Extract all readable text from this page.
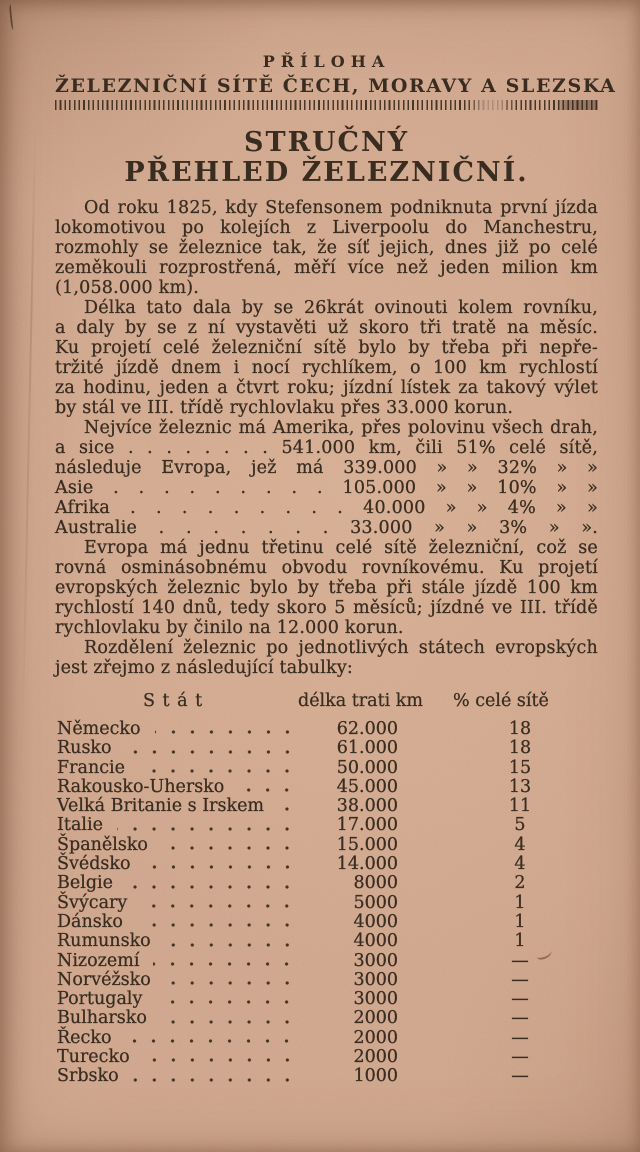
PŘÍLOHA
ŽELEZNIČNÍ SÍTĚ ČECH, MORAVY A SLEZSKA
STRUČNÝ
PŘEHLED ŽELEZNIČNÍ.
Od roku 1825, kdy Stefensonem podniknuta první jízda
lokomotivou po kolejích z Liverpoolu do Manchestru,
rozmohly se železnice tak, že síť jejich, dnes již po celé
zeměkouli rozprostřená, měří více než jeden milion km
(1,058.000 km).
Délka tato dala by se 26krát ovinouti kolem rovníku,
a daly by se z ní vystavěti už skoro tři tratě na měsíc.
Ku projetí celé železniční sítě bylo by třeba při nepře-
tržité jízdě dnem i nocí rychlíkem, o 100 km rychlostí
za hodinu, jeden a čtvrt roku; jízdní lístek za takový výlet
by stál ve III. třídě rychlovlaku přes 33.000 korun.
Nejvíce železnic má Amerika, přes polovinu všech drah,
a sice . . . . . . . . 541.000 km, čili 51% celé sítě,
následuje Evropa, jež má 339.000 » » 32% » »
Asie . . . . . . . . . 105.000 » » 10% » »
Afrika . . . . . . . . . 40.000 » » 4% » »
Australie . . . . . . . 33.000 » » 3% » ».
Evropa má jednu třetinu celé sítě železniční, což se
rovná osminásobnému obvodu rovníkovému. Ku projetí
evropských železnic bylo by třeba při stále jízdě 100 km
rychlostí 140 dnů, tedy skoro 5 měsíců; jízdné ve III. třídě
rychlovlaku by činilo na 12.000 korun.
Rozdělení železnic po jednotlivých státech evropských
jest zřejmo z následující tabulky:
S t á t	délka trati km % celé sítě
Německo	62.000	18
Rusko	61.000	18
Francie	50.000	15
Rakousko-Uhersko	45.000	13
Velká Britanie s Irskem	38.000	11
Italie	17.000	5
Španělsko	15.000	4
Švédsko	14.000	4
Belgie	8000	2
Švýcary	5000	1
Dánsko	4000	1
Rumunsko	4000	1
Nizozemí	3000	—
Norvéžsko	3000	—
Portugaly	3000	—
Bulharsko	2000	—
Řecko	2000	—
Turecko	2000	—
Srbsko	1000	—
